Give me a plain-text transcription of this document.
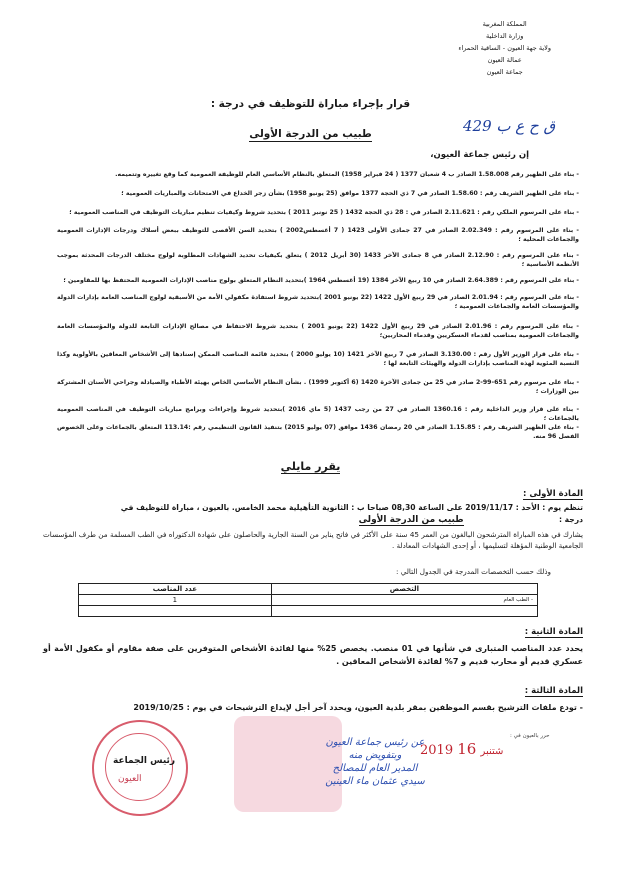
المملكة المغربية
وزارة الداخلية
ولاية جهة العيون - الساقية الحمراء
عمالة العيون
جماعة العيون
429 ق ح ع ب
قرار بإجراء مباراة للتوظيف في درجة :
طبيب من الدرجة الأولى
إن رئيس جماعة العيون،
- بناء على الظهير رقم 1.58.008 الصادر ب 4 شعبان 1377 ( 24 فبراير 1958) المتعلق بالنظام الأساسي العام للوظيفة العمومية كما وقع تغييره وتتميمه.
- بناء على الظهير الشريف رقم : 1.58.60 الصادر في 7 ذي الحجة 1377 موافق (25 يونيو 1958) بشأن زجر الخداع في الامتحانات والمباريات العمومية ؛
- بناء على المرسوم الملكي رقم : 2.11.621 الصادر في : 28 ذي الحجة 1432 ( 25 نونبر 2011 ) بتحديد شروط وكيفيات تنظيم مباريات التوظيف في المناصب العمومية ؛
- بناء على المرسوم رقم : 2.02.349 الصادر في 27 جمادى الأولى 1423 ( 7 أغسطس2002 ) بتحديد السن الأقصى للتوظيف ببعض أسلاك ودرجات الإدارات العمومية والجماعات المحلية ؛
- بناء على المرسوم رقم : 2.12.90 الصادر في 8 جمادى الآخر 1433 (30 أبريل 2012 ) يتعلق بكيفيات تحديد الشهادات المطلوبة لولوج مختلف الدرجات المحدثة بموجب الأنظمة الأساسية ؛
- بناء على المرسوم رقم : 2.64.389 الصادر في 10 ربيع الآخر 1384 (19 أغسطس 1964 )بتحديد النظام المتعلق بولوج مناصب الإدارات العمومية المحتفظ بها للمقاومين ؛
- بناء على المرسوم رقم : 2.01.94 الصادر في 29 ربيع الأول 1422 (22 يونيو 2001 )بتحديد شروط استفادة مكفولي الأمة من الأسبقية لولوج المناصب العامة بإدارات الدولة والمؤسسات العامة والجماعات العمومية ؛
- بناء على المرسوم رقم : 2.01.96 الصادر في 29 ربيع الأول 1422 (22 يونيو 2001 ) بتحديد شروط الاحتفاظ في مصالح الإدارات التابعة للدولة والمؤسسات العامة والجماعات العمومية بمناصب لقدماء العسكريين وقدماء المحاربين؛
- بناء على قرار الوزير الأول رقم : 3.130.00 الصادر في 7 ربيع الآخر 1421 (10 يوليو 2000 ) بتحديد قائمة المناصب الممكن إسنادها إلى الأشخاص المعاقين بالأولوية وكذا النسبة المئوية لهذه المناصب بإدارات الدولة والهيئات التابعة لها ؛
- بناء على مرسوم رقم 651-99-2 صادر في 25 من جمادى الآخرة 1420 (6 أكتوبر 1999) . بشأن النظام الأساسي الخاص بهيئة الأطباء والصيادلة وجراحي الأسنان المشتركة بين الوزارات ؛
- بناء على قرار وزير الداخلية رقم : 1360.16 الصادر في 27 من رجب 1437 (5 ماي 2016 )بتحديد شروط وإجراءات وبرامج مباريات التوظيف في المناصب العمومية بالجماعات ؛
- بناء على الظهير الشريف رقم : 1.15.85 الصادر في 20 رمضان 1436 موافق (07 يوليو 2015) بتنفيذ القانون التنظيمي رقم :113.14 المتعلق بالجماعات وعلى الخصوص الفصل 96 منه.
يقرر مايلي
المادة الأولى :
تنظم يوم : الأحد : 2019/11/17 على الساعة 08,30 صباحا ب : الثانوية التأهيلية محمد الخامس. بالعيون ، مباراة للتوظيف في
درجة :  طبيب من الدرجة الأولى
يشارك في هذه المباراة المترشحون البالغون من العمر 45 سنة على الأكثر في فاتح يناير من السنة الجارية والحاصلون على شهادة الدكتوراه في الطب المسلمة من طرف المؤسسات الجامعية الوطنية المؤهلة لتسليمها ، أو إحدى الشهادات المعادلة .
وذلك حسب التخصصات المدرجة في الجدول التالي :
التخصص	عدد المناصب
- الطب العام	1

المادة الثانية :
يحدد عدد المناصب المتبارى في شأنها في 01 منصب. يخصص 25% منها لفائدة الأشخاص المتوفرين على صفة مقاوم أو مكفول الأمة أو عسكري قديم أو محارب قديم و 7% لفائدة الأشخاص المعاقين .
المادة الثالثة :
- تودع ملفات الترشيح بقسم الموظفين بمقر بلدية العيون، ويحدد آخر أجل لإيداع الترشيحات في يوم : 2019/10/25
حرر بالعيون في :
2019	شتنبر 16
عن رئيس جماعة العيون
وبتفويض منه
المدير العام للمصالح
سيدي عثمان ماء العينين
رئيس الجماعة
العيون
